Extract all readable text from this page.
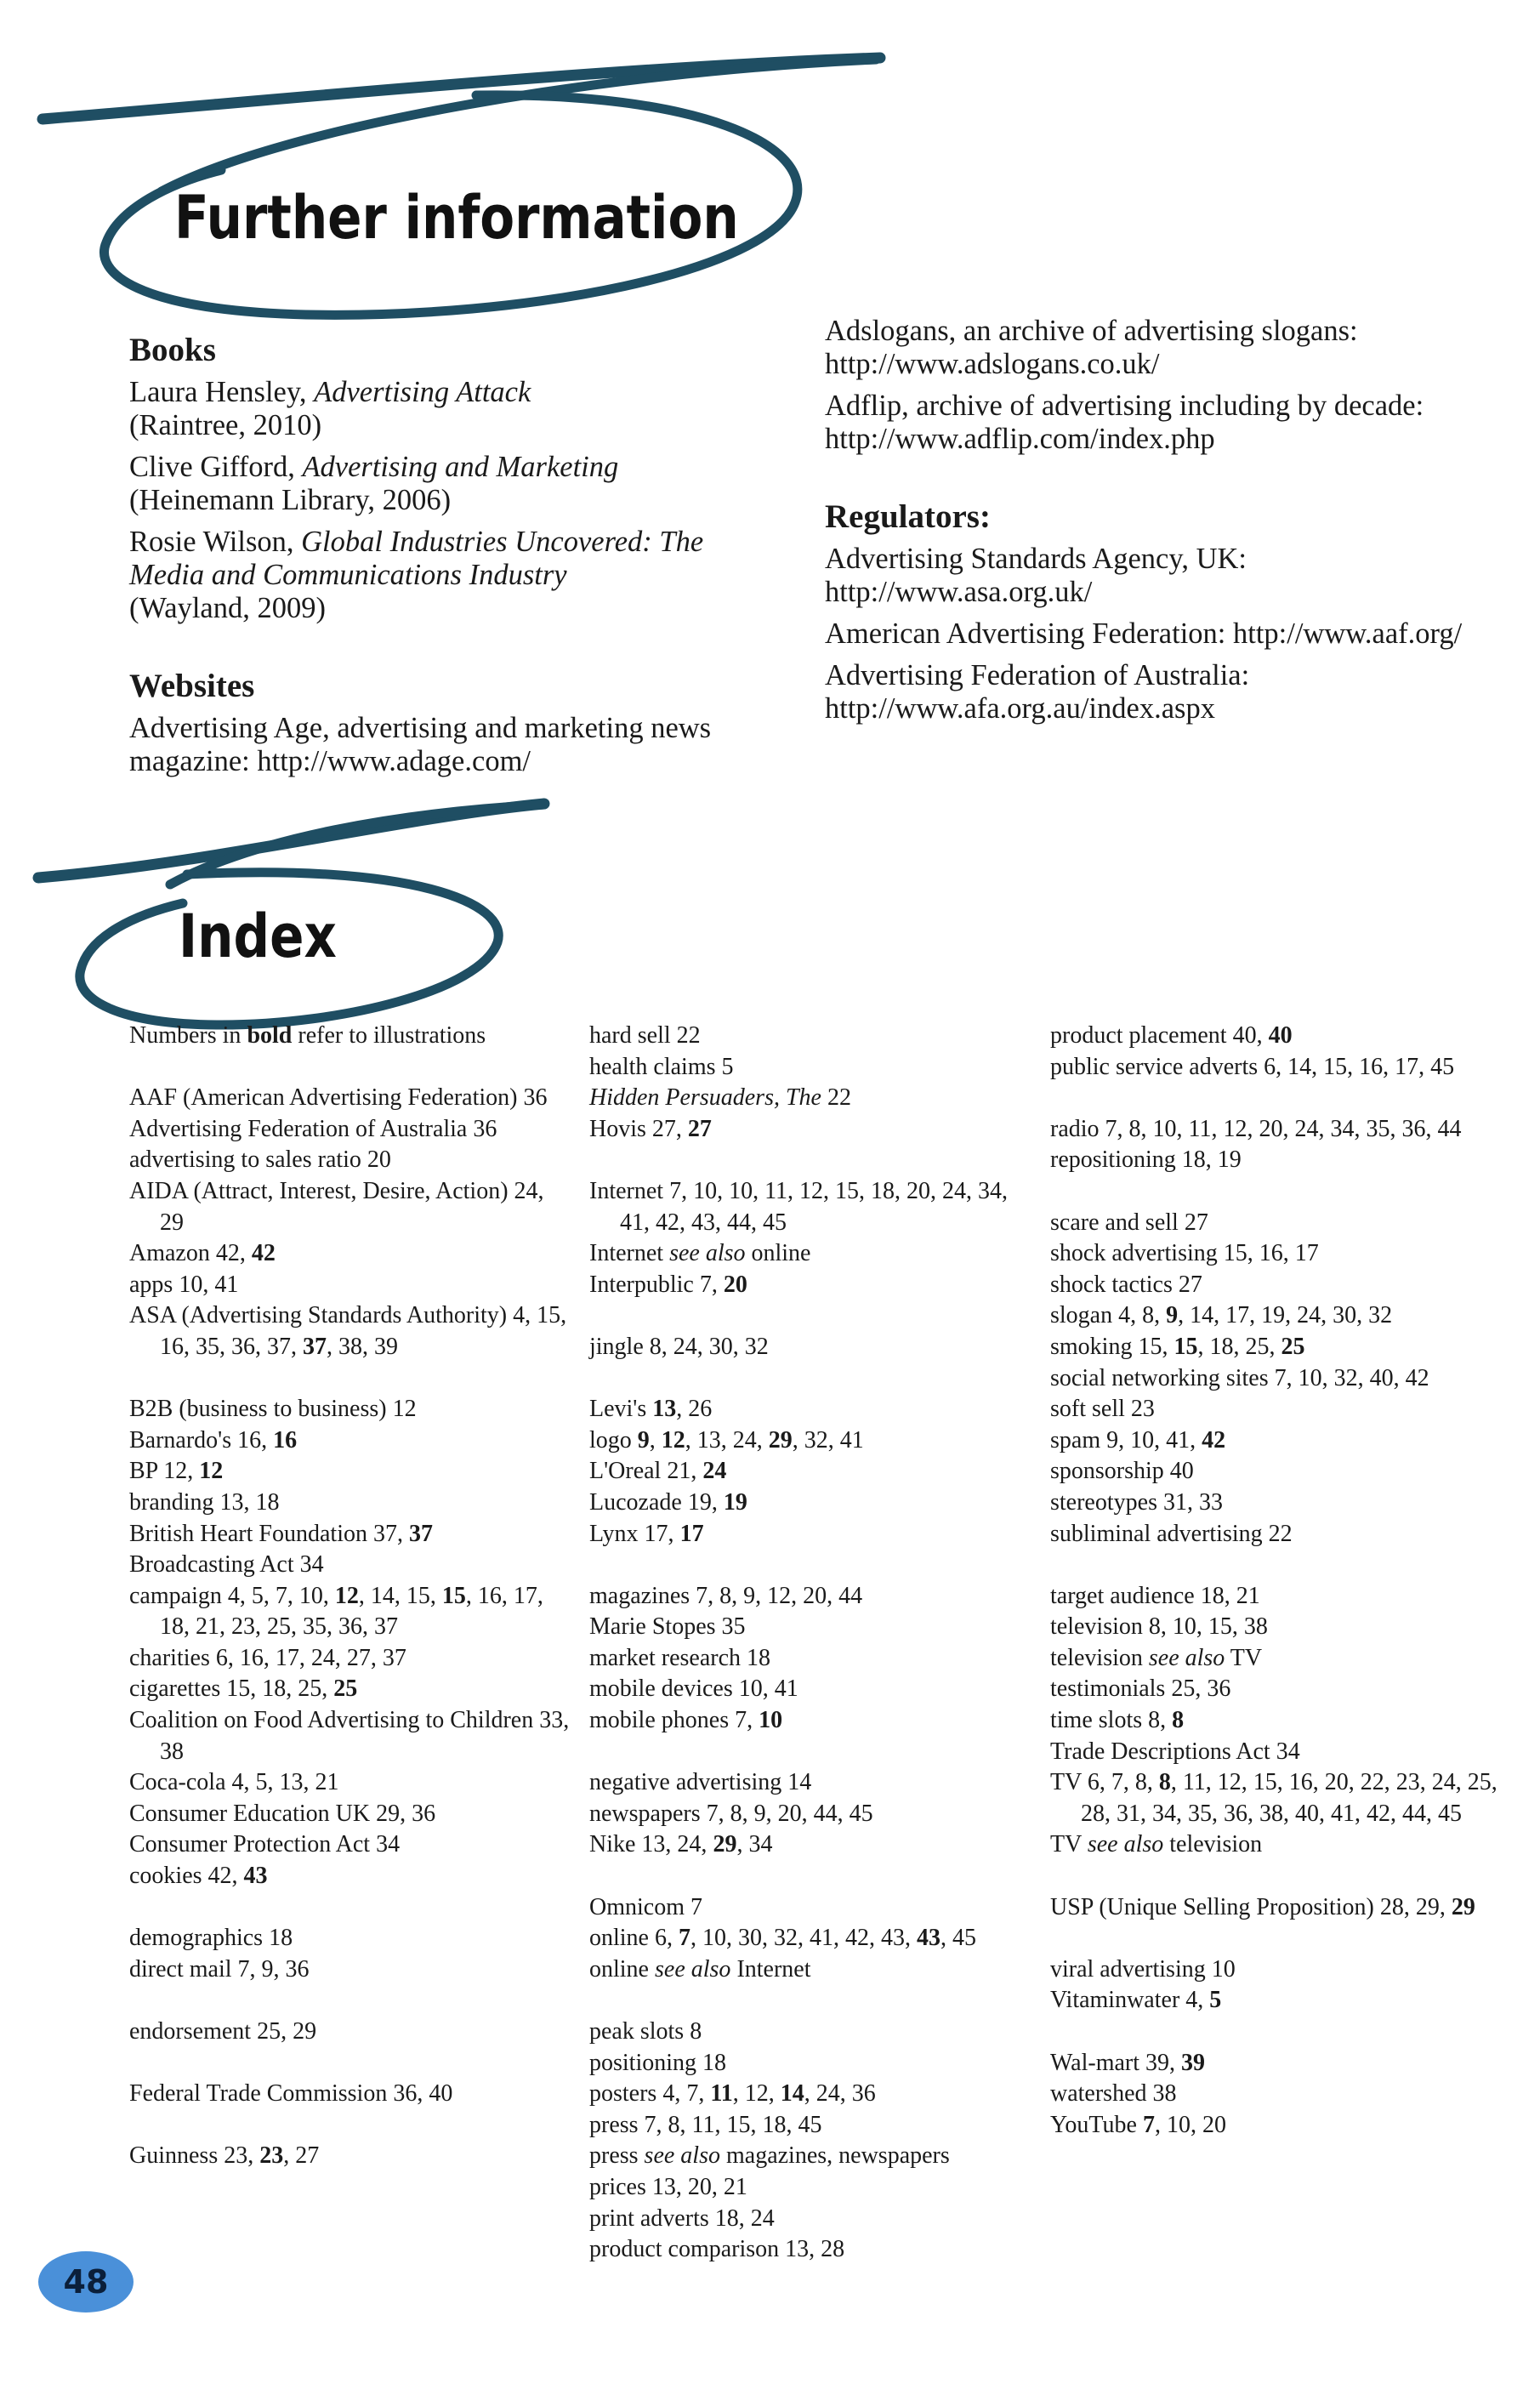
Further information
Books
Laura Hensley, Advertising Attack
(Raintree, 2010)
Clive Gifford, Advertising and Marketing
(Heinemann Library, 2006)
Rosie Wilson, Global Industries Uncovered: The Media and Communications Industry
(Wayland, 2009)
Websites
Advertising Age, advertising and marketing news magazine: http://www.adage.com/
Adslogans, an archive of advertising slogans: http://www.adslogans.co.uk/
Adflip, archive of advertising including by decade: http://www.adflip.com/index.php
Regulators:
Advertising Standards Agency, UK: http://www.asa.org.uk/
American Advertising Federation: http://www.aaf.org/
Advertising Federation of Australia: http://www.afa.org.au/index.aspx
Index
Numbers in bold refer to illustrations
AAF (American Advertising Federation) 36
Advertising Federation of Australia 36
advertising to sales ratio 20
AIDA (Attract, Interest, Desire, Action) 24, 29
Amazon 42, 42
apps 10, 41
ASA (Advertising Standards Authority) 4, 15, 16, 35, 36, 37, 37, 38, 39
B2B (business to business) 12
Barnardo's 16, 16
BP 12, 12
branding 13, 18
British Heart Foundation 37, 37
Broadcasting Act 34
campaign 4, 5, 7, 10, 12, 14, 15, 15, 16, 17, 18, 21, 23, 25, 35, 36, 37
charities 6, 16, 17, 24, 27, 37
cigarettes 15, 18, 25, 25
Coalition on Food Advertising to Children 33, 38
Coca-cola 4, 5, 13, 21
Consumer Education UK 29, 36
Consumer Protection Act 34
cookies 42, 43
demographics 18
direct mail 7, 9, 36
endorsement 25, 29
Federal Trade Commission 36, 40
Guinness 23, 23, 27
hard sell 22
health claims 5
Hidden Persuaders, The 22
Hovis 27, 27
Internet 7, 10, 10, 11, 12, 15, 18, 20, 24, 34, 41, 42, 43, 44, 45
Internet see also online
Interpublic 7, 20
jingle 8, 24, 30, 32
Levi's 13, 26
logo 9, 12, 13, 24, 29, 32, 41
L'Oreal 21, 24
Lucozade 19, 19
Lynx 17, 17
magazines 7, 8, 9, 12, 20, 44
Marie Stopes 35
market research 18
mobile devices 10, 41
mobile phones 7, 10
negative advertising 14
newspapers 7, 8, 9, 20, 44, 45
Nike 13, 24, 29, 34
Omnicom 7
online 6, 7, 10, 30, 32, 41, 42, 43, 43, 45
online see also Internet
peak slots 8
positioning 18
posters 4, 7, 11, 12, 14, 24, 36
press 7, 8, 11, 15, 18, 45
press see also magazines, newspapers
prices 13, 20, 21
print adverts 18, 24
product comparison 13, 28
product placement 40, 40
public service adverts 6, 14, 15, 16, 17, 45
radio 7, 8, 10, 11, 12, 20, 24, 34, 35, 36, 44
repositioning 18, 19
scare and sell 27
shock advertising 15, 16, 17
shock tactics 27
slogan 4, 8, 9, 14, 17, 19, 24, 30, 32
smoking 15, 15, 18, 25, 25
social networking sites 7, 10, 32, 40, 42
soft sell 23
spam 9, 10, 41, 42
sponsorship 40
stereotypes 31, 33
subliminal advertising 22
target audience 18, 21
television 8, 10, 15, 38
television see also TV
testimonials 25, 36
time slots 8, 8
Trade Descriptions Act 34
TV 6, 7, 8, 8, 11, 12, 15, 16, 20, 22, 23, 24, 25, 28, 31, 34, 35, 36, 38, 40, 41, 42, 44, 45
TV see also television
USP (Unique Selling Proposition) 28, 29, 29
viral advertising 10
Vitaminwater 4, 5
Wal-mart 39, 39
watershed 38
YouTube 7, 10, 20
48
